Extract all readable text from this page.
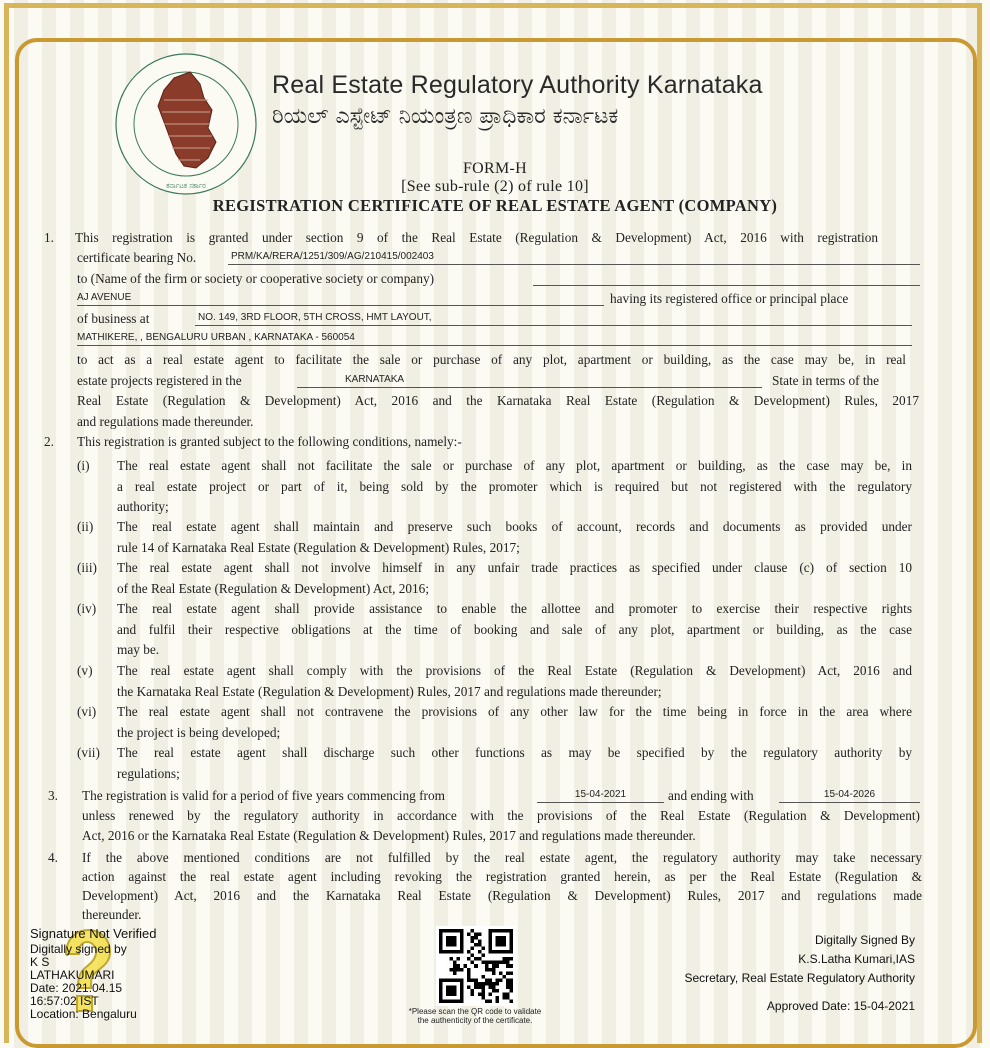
ಕರ್ನಾಟಕ ಸರ್ಕಾರ
Real Estate Regulatory Authority Karnataka
ರಿಯಲ್ ಎಸ್ಟೇಟ್ ನಿಯಂತ್ರಣ ಪ್ರಾಧಿಕಾರ ಕರ್ನಾಟಕ
FORM-H
[See sub-rule (2) of rule 10]
REGISTRATION CERTIFICATE OF REAL ESTATE AGENT (COMPANY)
1. This registration is granted under section 9 of the Real Estate (Regulation & Development) Act, 2016 with registration
certificate bearing No.	PRM/KA/RERA/1251/309/AG/210415/002403
to (Name of the firm or society or cooperative society or company)
AJ AVENUE	having its registered office or principal place
of business at	NO. 149, 3RD FLOOR, 5TH CROSS, HMT LAYOUT,
MATHIKERE, , BENGALURU URBAN , KARNATAKA - 560054
to act as a real estate agent to facilitate the sale or purchase of any plot, apartment or building, as the case may be, in real
estate projects registered in the	KARNATAKA	State in terms of the
Real Estate (Regulation & Development) Act, 2016 and the Karnataka Real Estate (Regulation & Development) Rules, 2017
and regulations made thereunder.
2. This registration is granted subject to the following conditions, namely:-
(i) The real estate agent shall not facilitate the sale or purchase of any plot, apartment or building, as the case may be, in
a real estate project or part of it, being sold by the promoter which is required but not registered with the regulatory
authority;
(ii) The real estate agent shall maintain and preserve such books of account, records and documents as provided under
rule 14 of Karnataka Real Estate (Regulation & Development) Rules, 2017;
(iii) The real estate agent shall not involve himself in any unfair trade practices as specified under clause (c) of section 10
of the Real Estate (Regulation & Development) Act, 2016;
(iv) The real estate agent shall provide assistance to enable the allottee and promoter to exercise their respective rights
and fulfil their respective obligations at the time of booking and sale of any plot, apartment or building, as the case
may be.
(v) The real estate agent shall comply with the provisions of the Real Estate (Regulation & Development) Act, 2016 and
the Karnataka Real Estate (Regulation & Development) Rules, 2017 and regulations made thereunder;
(vi) The real estate agent shall not contravene the provisions of any other law for the time being in force in the area where
the project is being developed;
(vii) The real estate agent shall discharge such other functions as may be specified by the regulatory authority by
regulations;
3. The registration is valid for a period of five years commencing from	15-04-2021	and ending with	15-04-2026
unless renewed by the regulatory authority in accordance with the provisions of the Real Estate (Regulation & Development)
Act, 2016 or the Karnataka Real Estate (Regulation & Development) Rules, 2017 and regulations made thereunder.
4. If the above mentioned conditions are not fulfilled by the real estate agent, the regulatory authority may take necessary
action against the real estate agent including revoking the registration granted herein, as per the Real Estate (Regulation &
Development) Act, 2016 and the Karnataka Real Estate (Regulation & Development) Rules, 2017 and regulations made
thereunder.
Signature Not Verified
Digitally signed by
K S
LATHAKUMARI
Date: 2021.04.15
16:57:02 IST
Location: Bengaluru	*Please scan the QR code to validate
the authenticity of the certificate.
Digitally Signed By
K.S.Latha Kumari,IAS
Secretary, Real Estate Regulatory Authority
Approved Date: 15-04-2021
